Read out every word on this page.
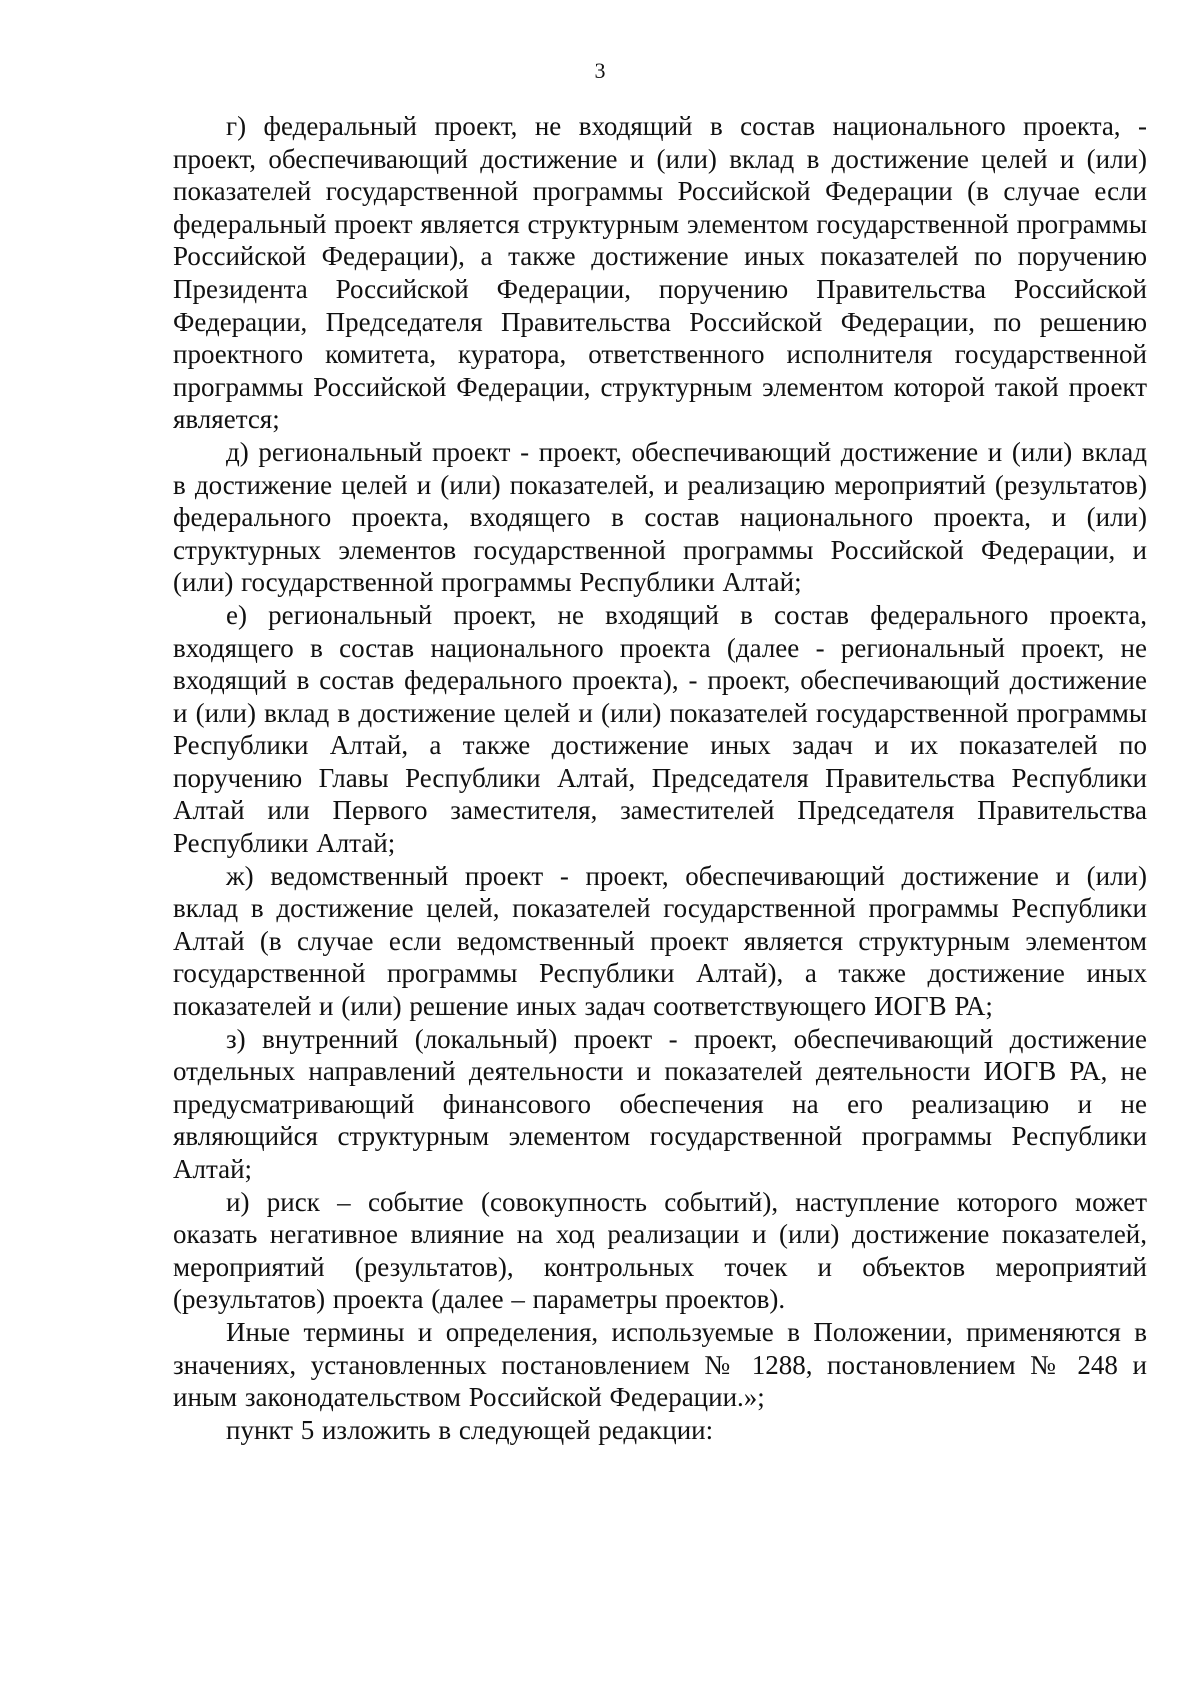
3

г) федеральный проект, не входящий в состав национального проекта, - проект, обеспечивающий достижение и (или) вклад в достижение целей и (или) показателей государственной программы Российской Федерации (в случае если федеральный проект является структурным элементом государственной программы Российской Федерации), а также достижение иных показателей по поручению Президента Российской Федерации, поручению Правительства Российской Федерации, Председателя Правительства Российской Федерации, по решению проектного комитета, куратора, ответственного исполнителя государственной программы Российской Федерации, структурным элементом которой такой проект является;

д) региональный проект - проект, обеспечивающий достижение и (или) вклад в достижение целей и (или) показателей, и реализацию мероприятий (результатов) федерального проекта, входящего в состав национального проекта, и (или) структурных элементов государственной программы Российской Федерации, и (или) государственной программы Республики Алтай;

е) региональный проект, не входящий в состав федерального проекта, входящего в состав национального проекта (далее - региональный проект, не входящий в состав федерального проекта), - проект, обеспечивающий достижение и (или) вклад в достижение целей и (или) показателей государственной программы Республики Алтай, а также достижение иных задач и их показателей по поручению Главы Республики Алтай, Председателя Правительства Республики Алтай или Первого заместителя, заместителей Председателя Правительства Республики Алтай;

ж) ведомственный проект - проект, обеспечивающий достижение и (или) вклад в достижение целей, показателей государственной программы Республики Алтай (в случае если ведомственный проект является структурным элементом государственной программы Республики Алтай), а также достижение иных показателей и (или) решение иных задач соответствующего ИОГВ РА;

з) внутренний (локальный) проект - проект, обеспечивающий достижение отдельных направлений деятельности и показателей деятельности ИОГВ РА, не предусматривающий финансового обеспечения на его реализацию и не являющийся структурным элементом государственной программы Республики Алтай;

и) риск – событие (совокупность событий), наступление которого может оказать негативное влияние на ход реализации и (или) достижение показателей, мероприятий (результатов), контрольных точек и объектов мероприятий (результатов) проекта (далее – параметры проектов).

Иные термины и определения, используемые в Положении, применяются в значениях, установленных постановлением № 1288, постановлением № 248 и иным законодательством Российской Федерации.»;

пункт 5 изложить в следующей редакции:
